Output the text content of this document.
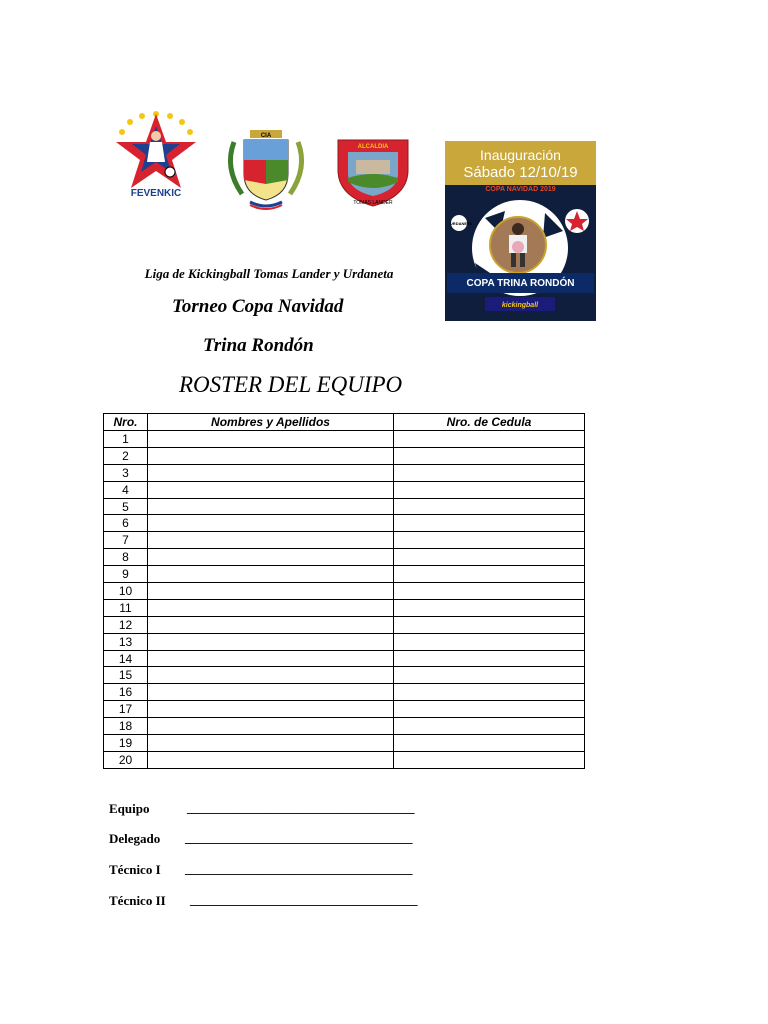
FEVENKIC
CIA
ALCALDIA
TOMAS LANDER
Inauguración
Sábado 12/10/19
COPA NAVIDAD 2019
URDANETA
COPA TRINA RONDÓN
kickingball
Liga de Kickingball Tomas Lander y Urdaneta
Torneo Copa Navidad
Trina Rondón
ROSTER DEL EQUIPO
Nro.	Nombres y Apellidos	Nro. de Cedula
1		
2		
3		
4		
5		
6		
7		
8		
9		
10		
11		
12		
13		
14		
15		
16		
17		
18		
19		
20		
Equipo	___________________________________
Delegado ___________________________________
Técnico I ___________________________________
Técnico II ___________________________________
